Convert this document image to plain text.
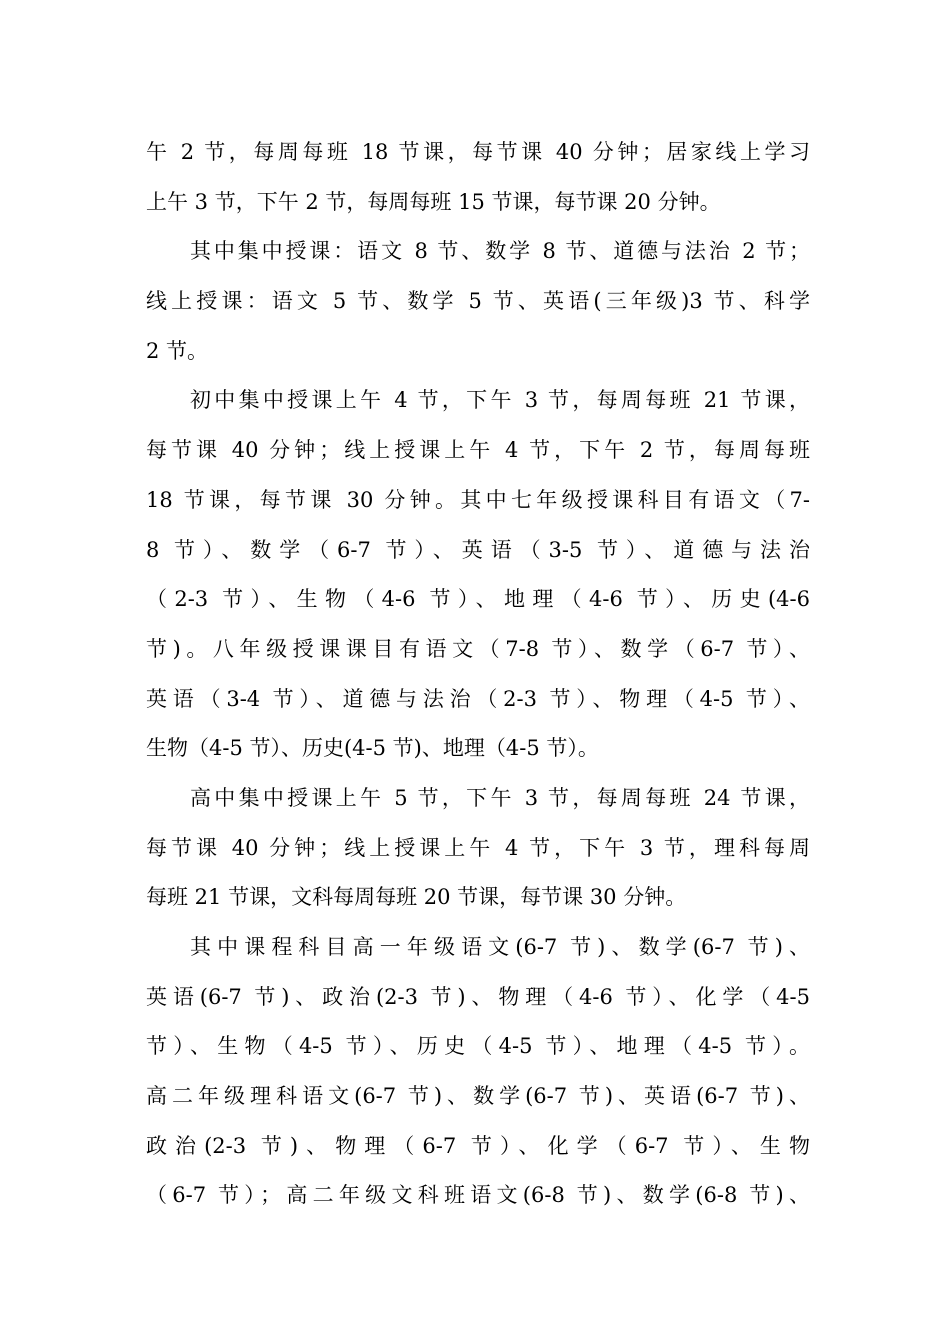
午 2 节，每周每班 18 节课，每节课 40 分钟；居家线上学习
上午 3 节，下午 2 节，每周每班 15 节课，每节课 20 分钟。
其中集中授课：语文 8 节、数学 8 节、道德与法治 2 节；
线上授课：语文 5 节、数学 5 节、英语(三年级)3 节、科学
2 节。
初中集中授课上午 4 节，下午 3 节，每周每班 21 节课，
每节课 40 分钟；线上授课上午 4 节，下午 2 节，每周每班
18 节课，每节课 30 分钟。其中七年级授课科目有语文（7-
8 节）、数学（6-7 节）、英语（3-5 节）、道德与法治
（2-3 节）、生物（4-6 节）、地理（4-6 节）、历史(4-6
节)。八年级授课课目有语文（7-8 节）、数学（6-7 节）、
英语（3-4 节）、道德与法治（2-3 节）、物理（4-5 节）、
生物（4-5 节）、历史(4-5 节)、地理（4-5 节）。
高中集中授课上午 5 节，下午 3 节，每周每班 24 节课，
每节课 40 分钟；线上授课上午 4 节，下午 3 节，理科每周
每班 21 节课，文科每周每班 20 节课，每节课 30 分钟。
其中课程科目高一年级语文(6-7 节)、数学(6-7 节)、
英语(6-7 节)、政治(2-3 节)、物理（4-6 节）、化学（4-5
节）、生物（4-5 节）、历史（4-5 节）、地理（4-5 节）。
高二年级理科语文(6-7 节)、数学(6-7 节)、英语(6-7 节)、
政治(2-3 节)、物理（6-7 节）、化学（6-7 节）、生物
（6-7 节）；高二年级文科班语文(6-8 节)、数学(6-8 节)、
